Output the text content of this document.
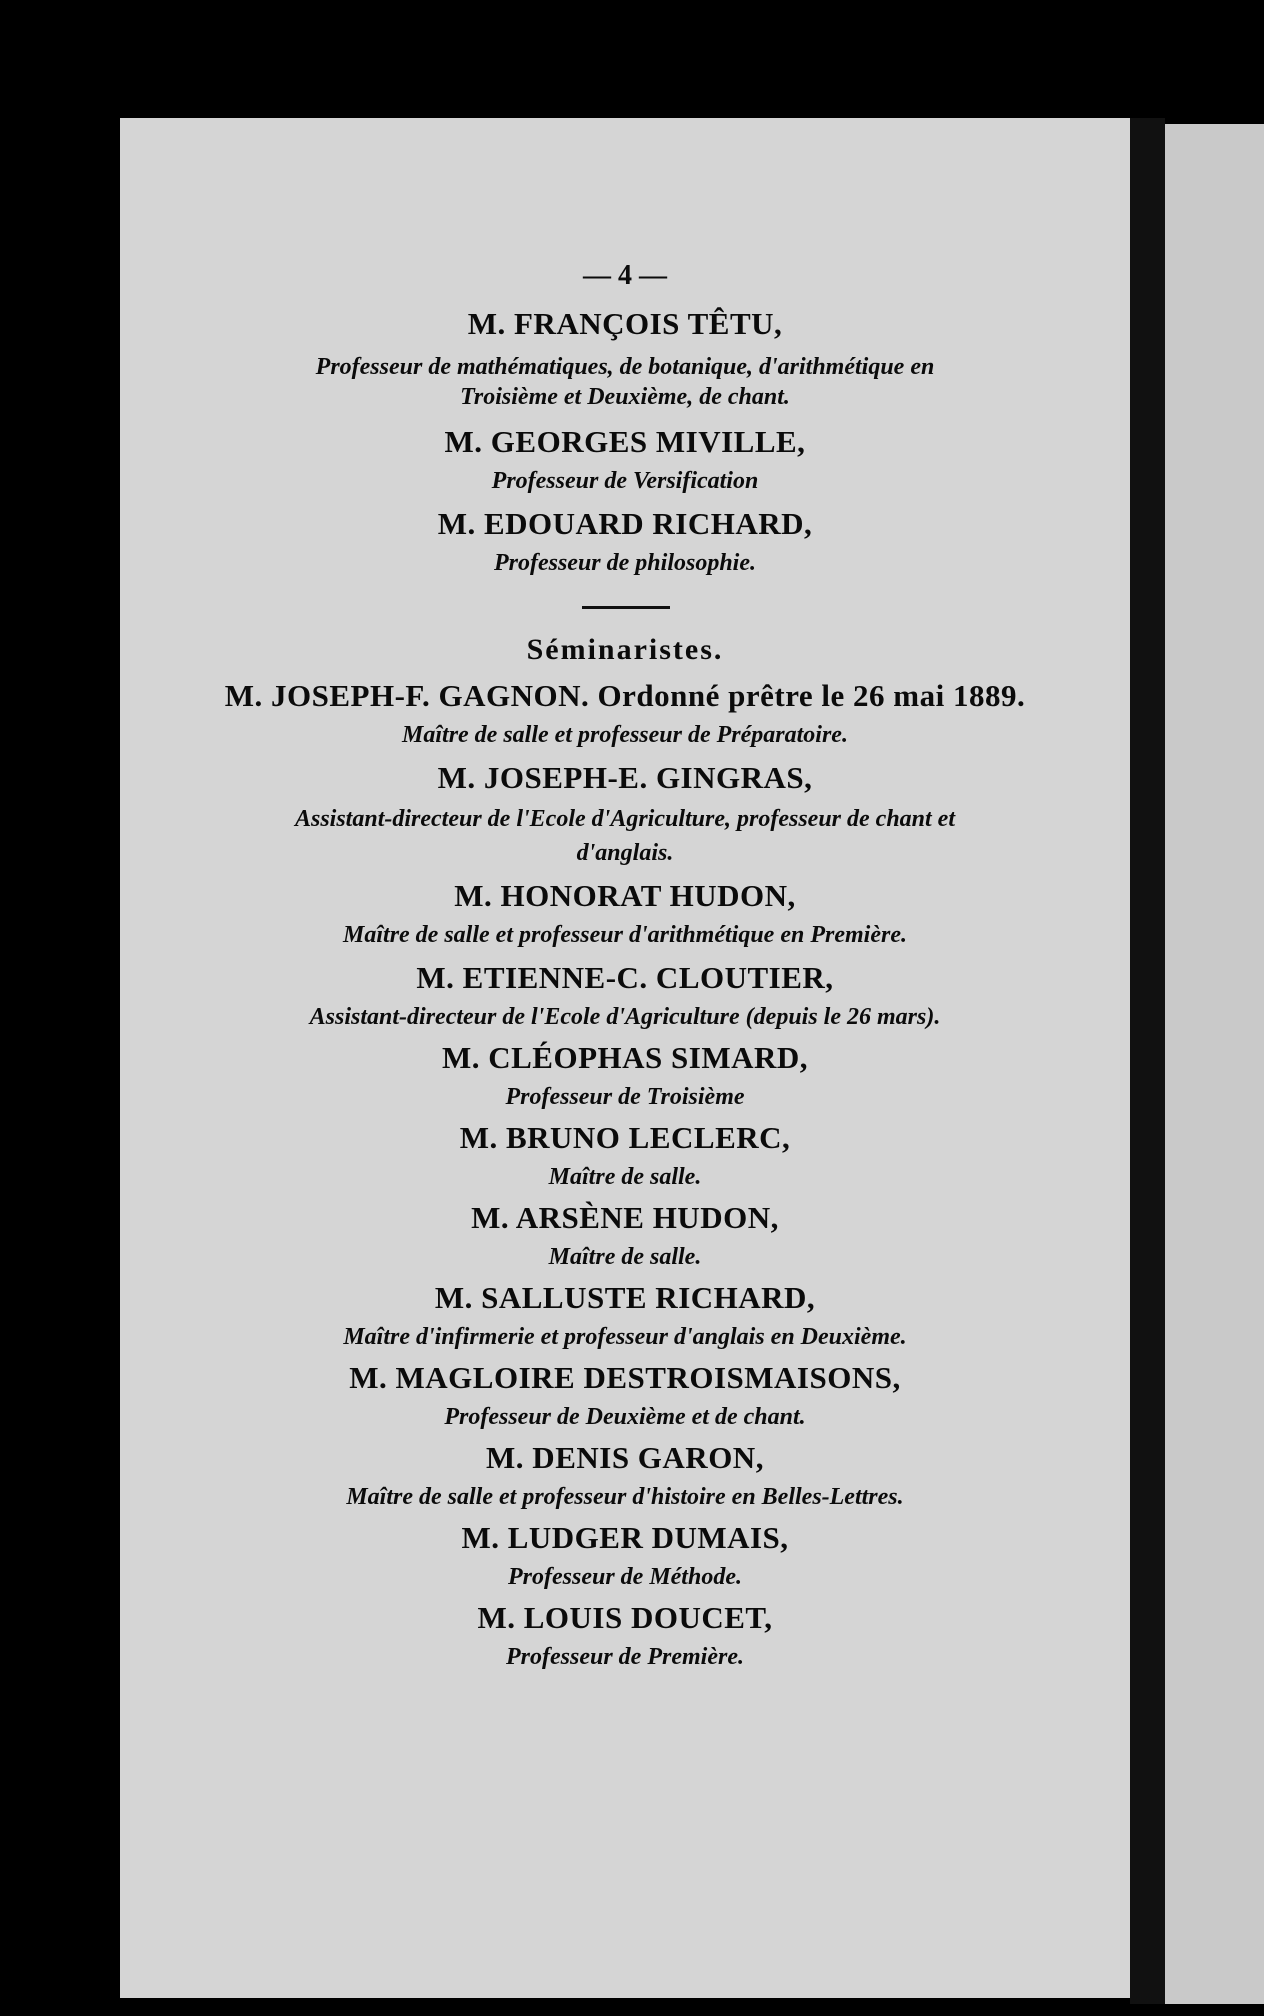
— 4 —
M. FRANÇOIS TÊTU,
Professeur de mathématiques, de botanique, d'arithmétique en
Troisième et Deuxième, de chant.
M. GEORGES MIVILLE,
Professeur de Versification
M. EDOUARD RICHARD,
Professeur de philosophie.
Séminaristes.
M. JOSEPH-F. GAGNON. Ordonné prêtre le 26 mai 1889.
Maître de salle et professeur de Préparatoire.
M. JOSEPH-E. GINGRAS,
Assistant-directeur de l'Ecole d'Agriculture, professeur de chant et
d'anglais.
M. HONORAT HUDON,
Maître de salle et professeur d'arithmétique en Première.
M. ETIENNE-C. CLOUTIER,
Assistant-directeur de l'Ecole d'Agriculture (depuis le 26 mars).
M. CLÉOPHAS SIMARD,
Professeur de Troisième
M. BRUNO LECLERC,
Maître de salle.
M. ARSÈNE HUDON,
Maître de salle.
M. SALLUSTE RICHARD,
Maître d'infirmerie et professeur d'anglais en Deuxième.
M. MAGLOIRE DESTROISMAISONS,
Professeur de Deuxième et de chant.
M. DENIS GARON,
Maître de salle et professeur d'histoire en Belles-Lettres.
M. LUDGER DUMAIS,
Professeur de Méthode.
M. LOUIS DOUCET,
Professeur de Première.
